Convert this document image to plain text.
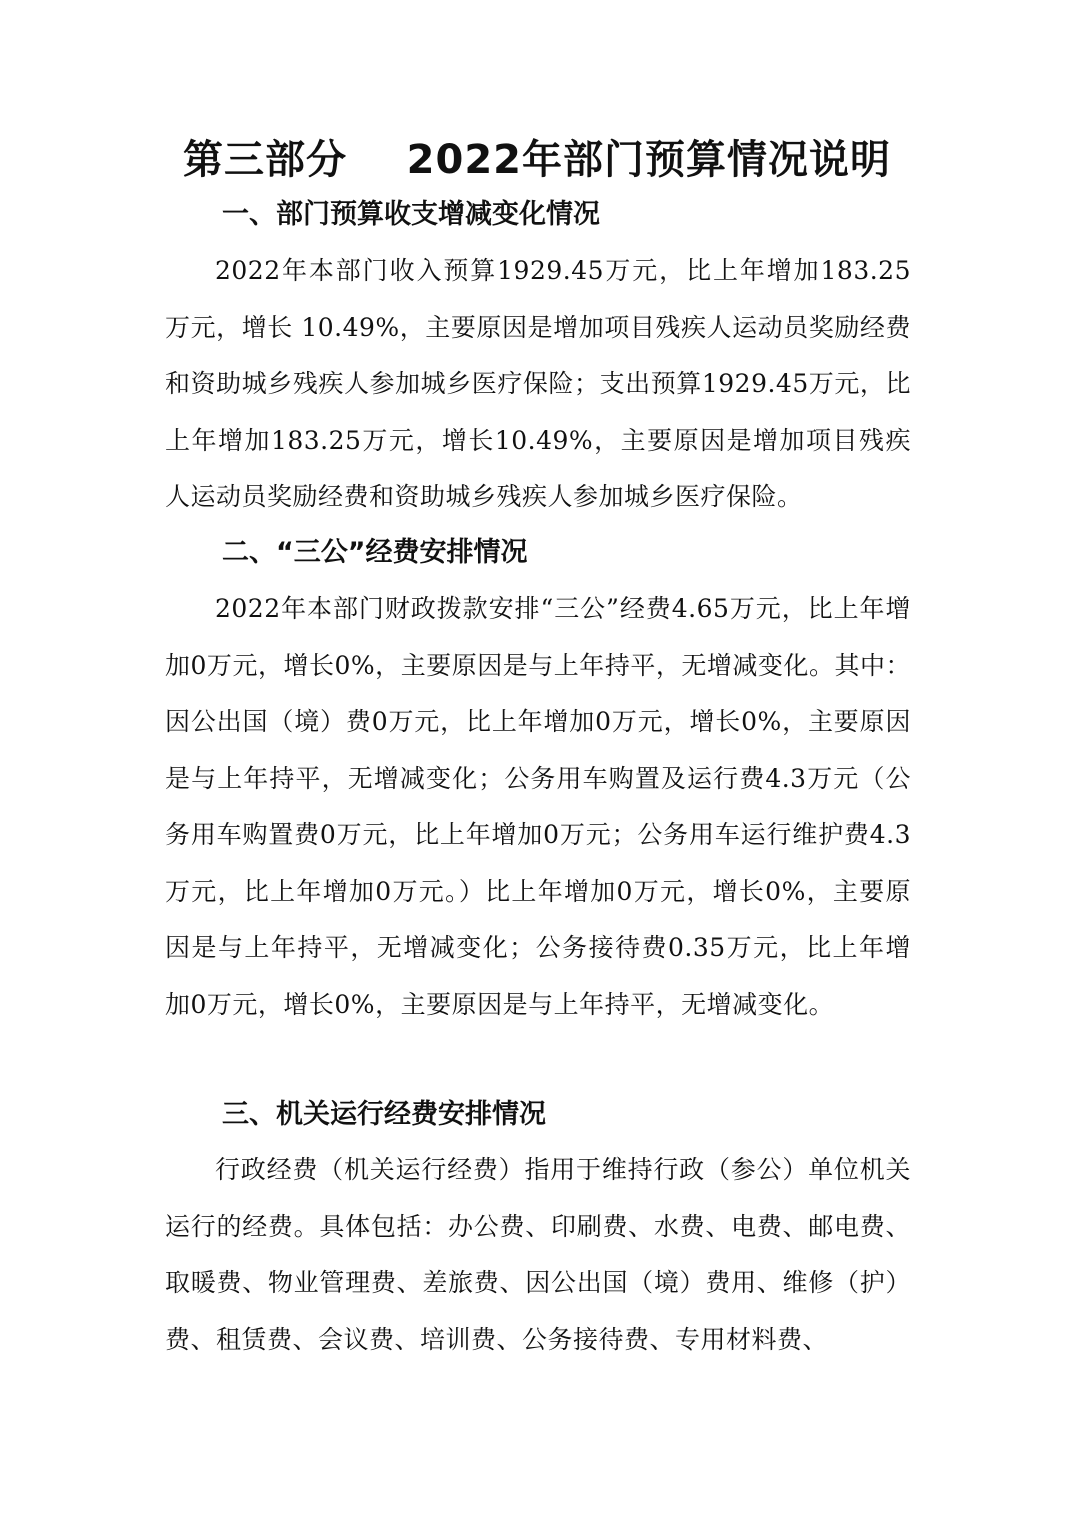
第三部分    2022年部门预算情况说明
一、部门预算收支增减变化情况

2022年本部门收入预算1929.45万元，比上年增加183.25万元，增长 10.49%，主要原因是增加项目残疾人运动员奖励经费和资助城乡残疾人参加城乡医疗保险；支出预算1929.45万元，比上年增加183.25万元，增长10.49%，主要原因是增加项目残疾人运动员奖励经费和资助城乡残疾人参加城乡医疗保险。

二、“三公”经费安排情况

2022年本部门财政拨款安排“三公”经费4.65万元，比上年增加0万元，增长0%，主要原因是与上年持平，无增减变化。其中：因公出国（境）费0万元，比上年增加0万元，增长0%，主要原因是与上年持平，无增减变化；公务用车购置及运行费4.3万元（公务用车购置费0万元，比上年增加0万元；公务用车运行维护费4.3万元，比上年增加0万元。）比上年增加0万元，增长0%，主要原因是与上年持平，无增减变化；公务接待费0.35万元，比上年增加0万元，增长0%，主要原因是与上年持平，无增减变化。

三、机关运行经费安排情况

行政经费（机关运行经费）指用于维持行政（参公）单位机关运行的经费。具体包括：办公费、印刷费、水费、电费、邮电费、取暖费、物业管理费、差旅费、因公出国（境）费用、维修（护）费、租赁费、会议费、培训费、公务接待费、专用材料费、
